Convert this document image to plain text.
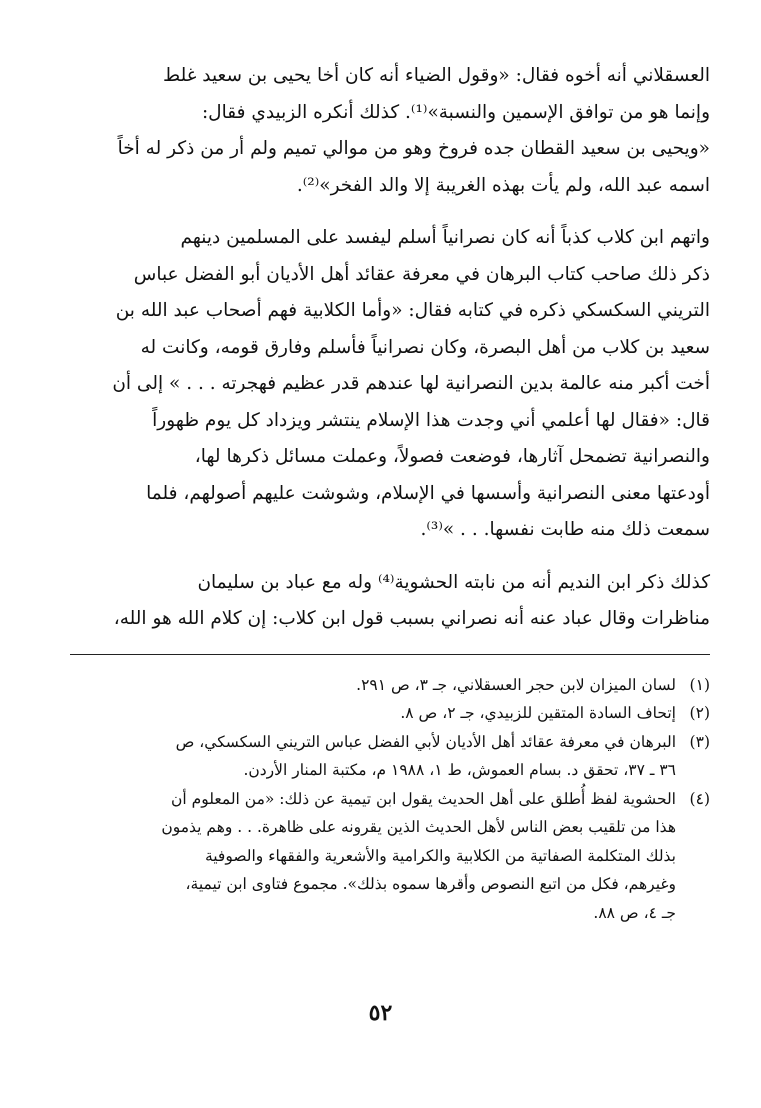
العسقلاني أنه أخوه فقال: «وقول الضياء أنه كان أخا يحيى بن سعيد غلط
وإنما هو من توافق الإسمين والنسبة»⁽¹⁾. كذلك أنكره الزبيدي فقال:
«ويحيى بن سعيد القطان جده فروخ وهو من موالي تميم ولم أر من ذكر له أخاً
اسمه عبد الله، ولم يأت بهذه الغريبة إلا والد الفخر»⁽²⁾.
واتهم ابن كلاب كذباً أنه كان نصرانياً أسلم ليفسد على المسلمين دينهم
ذكر ذلك صاحب كتاب البرهان في معرفة عقائد أهل الأديان أبو الفضل عباس
التريني السكسكي ذكره في كتابه فقال: «وأما الكلابية فهم أصحاب عبد الله بن
سعيد بن كلاب من أهل البصرة، وكان نصرانياً فأسلم وفارق قومه، وكانت له
أخت أكبر منه عالمة بدين النصرانية لها عندهم قدر عظيم فهجرته . . . » إلى أن
قال: «فقال لها أعلمي أني وجدت هذا الإسلام ينتشر ويزداد كل يوم ظهوراً
والنصرانية تضمحل آثارها، فوضعت فصولاً، وعملت مسائل ذكرها لها،
أودعتها معنى النصرانية وأسسها في الإسلام، وشوشت عليهم أصولهم، فلما
سمعت ذلك منه طابت نفسها. . . »⁽³⁾.
كذلك ذكر ابن النديم أنه من نابته الحشوية⁽⁴⁾ وله مع عباد بن سليمان
مناظرات وقال عباد عنه أنه نصراني بسبب قول ابن كلاب: إن كلام الله هو الله،
(١)
لسان الميزان لابن حجر العسقلاني، جـ ٣، ص ٢٩١.
(٢)
إتحاف السادة المتقين للزبيدي، جـ ٢، ص ٨.
(٣)
البرهان في معرفة عقائد أهل الأديان لأبي الفضل عباس التريني السكسكي، ص
٣٦ ـ ٣٧، تحقق د. بسام العموش، ط ١، ١٩٨٨ م، مكتبة المنار الأردن.
(٤)
الحشوية لفظ أُطلق على أهل الحديث يقول ابن تيمية عن ذلك: «من المعلوم أن
هذا من تلقيب بعض الناس لأهل الحديث الذين يقرونه على ظاهرة. . . وهم يذمون
بذلك المتكلمة الصفاتية من الكلابية والكرامية والأشعرية والفقهاء والصوفية
وغيرهم، فكل من اتبع النصوص وأقرها سموه بذلك». مجموع فتاوى ابن تيمية،
جـ ٤، ص ٨٨.
٥٢
